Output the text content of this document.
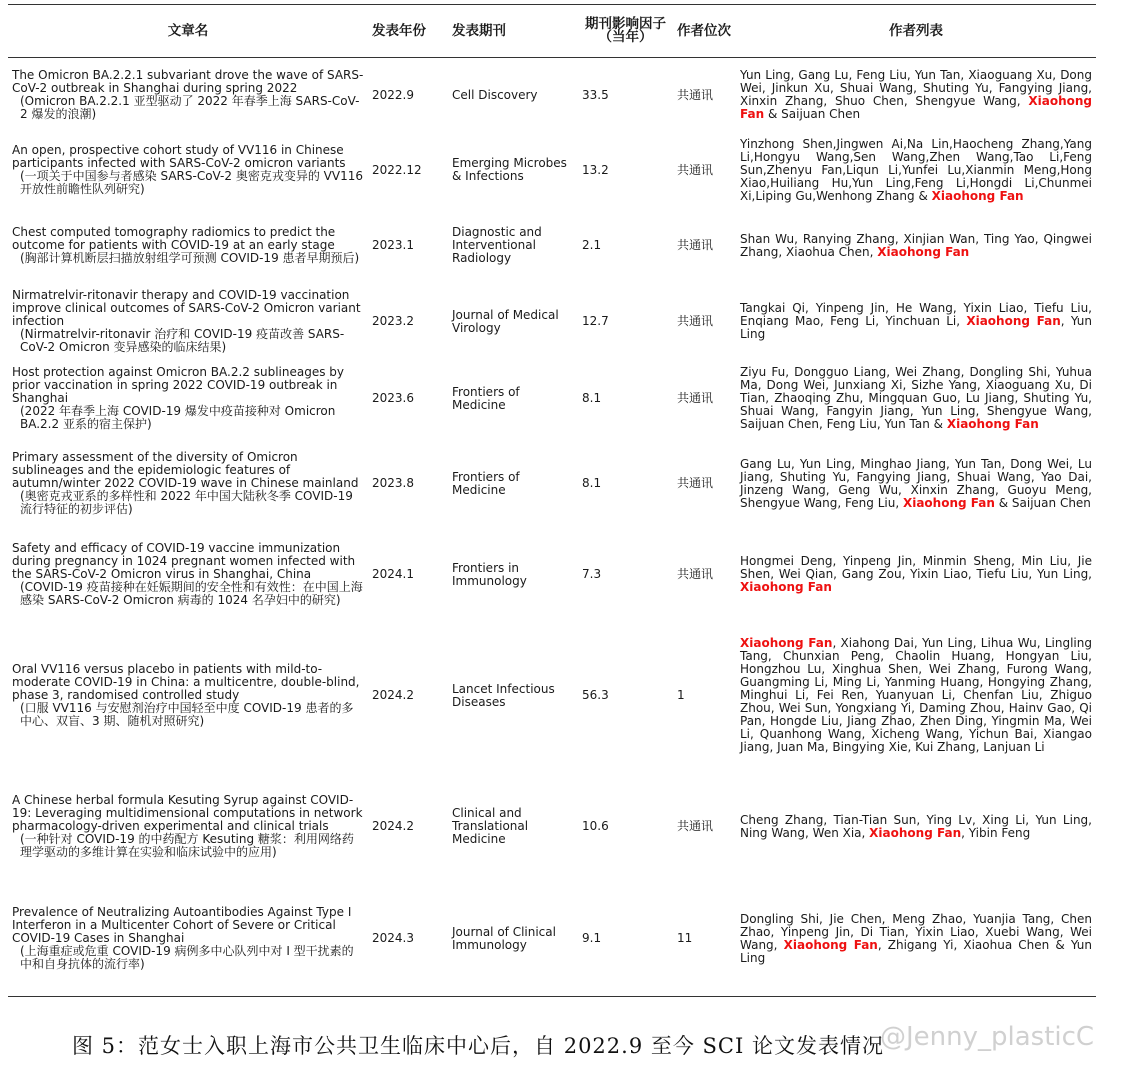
文章名	发表年份	发表期刊	期刊影响因子（当年）	作者位次	作者列表

The Omicron BA.2.2.1 subvariant drove the wave of SARS-CoV-2 outbreak in Shanghai during spring 2022
(Omicron BA.2.2.1 亚型驱动了 2022 年春季上海 SARS-CoV-2 爆发的浪潮)	2022.9	Cell Discovery	33.5	共通讯	Yun Ling, Gang Lu, Feng Liu, Yun Tan, Xiaoguang Xu, Dong Wei, Jinkun Xu, Shuai Wang, Shuting Yu, Fangying Jiang, Xinxin Zhang, Shuo Chen, Shengyue Wang, Xiaohong Fan & Saijuan Chen

An open, prospective cohort study of VV116 in Chinese participants infected with SARS-CoV-2 omicron variants
(一项关于中国参与者感染 SARS-CoV-2 奥密克戎变异的 VV116 开放性前瞻性队列研究)	2022.12	Emerging Microbes & Infections	13.2	共通讯	Yinzhong Shen,Jingwen Ai,Na Lin,Haocheng Zhang,Yang Li,Hongyu Wang,Sen Wang,Zhen Wang,Tao Li,Feng Sun,Zhenyu Fan,Liqun Li,Yunfei Lu,Xianmin Meng,Hong Xiao,Huiliang Hu,Yun Ling,Feng Li,Hongdi Li,Chunmei Xi,Liping Gu,Wenhong Zhang & Xiaohong Fan

Chest computed tomography radiomics to predict the outcome for patients with COVID-19 at an early stage
(胸部计算机断层扫描放射组学可预测 COVID-19 患者早期预后)	2023.1	Diagnostic and Interventional Radiology	2.1	共通讯	Shan Wu, Ranying Zhang, Xinjian Wan, Ting Yao, Qingwei Zhang, Xiaohua Chen, Xiaohong Fan

Nirmatrelvir-ritonavir therapy and COVID-19 vaccination improve clinical outcomes of SARS-CoV-2 Omicron variant infection
(Nirmatrelvir-ritonavir 治疗和 COVID-19 疫苗改善 SARS-CoV-2 Omicron 变异感染的临床结果)	2023.2	Journal of Medical Virology	12.7	共通讯	Tangkai Qi, Yinpeng Jin, He Wang, Yixin Liao, Tiefu Liu, Enqiang Mao, Feng Li, Yinchuan Li, Xiaohong Fan, Yun Ling

Host protection against Omicron BA.2.2 sublineages by prior vaccination in spring 2022 COVID-19 outbreak in Shanghai
(2022 年春季上海 COVID-19 爆发中疫苗接种对 Omicron BA.2.2 亚系的宿主保护)	2023.6	Frontiers of Medicine	8.1	共通讯	Ziyu Fu, Dongguo Liang, Wei Zhang, Dongling Shi, Yuhua Ma, Dong Wei, Junxiang Xi, Sizhe Yang, Xiaoguang Xu, Di Tian, Zhaoqing Zhu, Mingquan Guo, Lu Jiang, Shuting Yu, Shuai Wang, Fangyin Jiang, Yun Ling, Shengyue Wang, Saijuan Chen, Feng Liu, Yun Tan & Xiaohong Fan

Primary assessment of the diversity of Omicron sublineages and the epidemiologic features of autumn/winter 2022 COVID-19 wave in Chinese mainland
(奥密克戎亚系的多样性和 2022 年中国大陆秋冬季 COVID-19 流行特征的初步评估)	2023.8	Frontiers of Medicine	8.1	共通讯	Gang Lu, Yun Ling, Minghao Jiang, Yun Tan, Dong Wei, Lu Jiang, Shuting Yu, Fangying Jiang, Shuai Wang, Yao Dai, Jinzeng Wang, Geng Wu, Xinxin Zhang, Guoyu Meng, Shengyue Wang, Feng Liu, Xiaohong Fan & Saijuan Chen

Safety and efficacy of COVID-19 vaccine immunization during pregnancy in 1024 pregnant women infected with the SARS-CoV-2 Omicron virus in Shanghai, China
(COVID-19 疫苗接种在妊娠期间的安全性和有效性：在中国上海感染 SARS-CoV-2 Omicron 病毒的 1024 名孕妇中的研究)	2024.1	Frontiers in Immunology	7.3	共通讯	Hongmei Deng, Yinpeng Jin, Minmin Sheng, Min Liu, Jie Shen, Wei Qian, Gang Zou, Yixin Liao, Tiefu Liu, Yun Ling, Xiaohong Fan

Oral VV116 versus placebo in patients with mild-to-moderate COVID-19 in China: a multicentre, double-blind, phase 3, randomised controlled study
(口服 VV116 与安慰剂治疗中国轻至中度 COVID-19 患者的多中心、双盲、3 期、随机对照研究)	2024.2	Lancet Infectious Diseases	56.3	1	Xiaohong Fan, Xiahong Dai, Yun Ling, Lihua Wu, Lingling Tang, Chunxian Peng, Chaolin Huang, Hongyan Liu, Hongzhou Lu, Xinghua Shen, Wei Zhang, Furong Wang, Guangming Li, Ming Li, Yanming Huang, Hongying Zhang, Minghui Li, Fei Ren, Yuanyuan Li, Chenfan Liu, Zhiguo Zhou, Wei Sun, Yongxiang Yi, Daming Zhou, Hainv Gao, Qi Pan, Hongde Liu, Jiang Zhao, Zhen Ding, Yingmin Ma, Wei Li, Quanhong Wang, Xicheng Wang, Yichun Bai, Xiangao Jiang, Juan Ma, Bingying Xie, Kui Zhang, Lanjuan Li

A Chinese herbal formula Kesuting Syrup against COVID-19: Leveraging multidimensional computations in network pharmacology-driven experimental and clinical trials
(一种针对 COVID-19 的中药配方 Kesuting 糖浆：利用网络药理学驱动的多维计算在实验和临床试验中的应用)	2024.2	Clinical and Translational Medicine	10.6	共通讯	Cheng Zhang, Tian-Tian Sun, Ying Lv, Xing Li, Yun Ling, Ning Wang, Wen Xia, Xiaohong Fan, Yibin Feng

Prevalence of Neutralizing Autoantibodies Against Type I Interferon in a Multicenter Cohort of Severe or Critical COVID-19 Cases in Shanghai
(上海重症或危重 COVID-19 病例多中心队列中对 I 型干扰素的中和自身抗体的流行率)	2024.3	Journal of Clinical Immunology	9.1	11	Dongling Shi, Jie Chen, Meng Zhao, Yuanjia Tang, Chen Zhao, Yinpeng Jin, Di Tian, Yixin Liao, Xuebi Wang, Wei Wang, Xiaohong Fan, Zhigang Yi, Xiaohua Chen & Yun Ling
图 5：范女士入职上海市公共卫生临床中心后，自 2022.9 至今 SCI 论文发表情况
@Jenny_plasticC
